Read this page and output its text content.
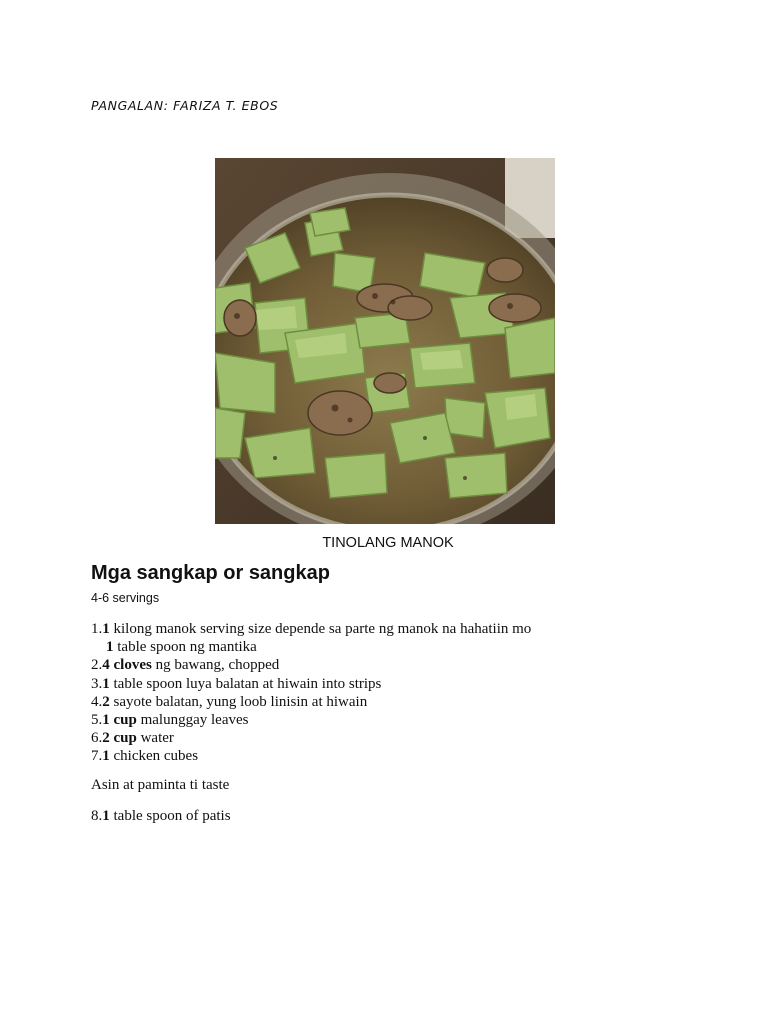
PANGALAN: FARIZA T. EBOS
TINOLANG MANOK
Mga sangkap or sangkap
4-6 servings
1.1 kilong manok serving size depende sa parte ng manok na hahatiin mo
1 table spoon ng mantika
2.4 cloves ng bawang, chopped
3.1 table spoon luya balatan at hiwain into strips
4.2 sayote balatan, yung loob linisin at hiwain
5.1 cup malunggay leaves
6.2 cup water
7.1 chicken cubes
Asin at paminta ti taste
8.1 table spoon of patis
